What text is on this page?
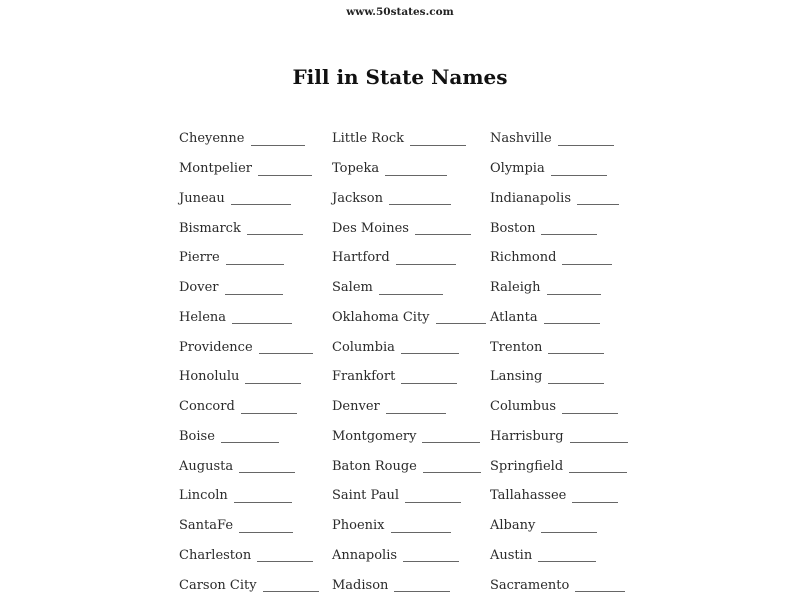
www.50states.com
Fill in State Names
Cheyenne
Montpelier
Juneau
Bismarck
Pierre
Dover
Helena
Providence
Honolulu
Concord
Boise
Augusta
Lincoln
SantaFe
Charleston
Carson City
Little Rock
Topeka
Jackson
Des Moines
Hartford
Salem
Oklahoma City
Columbia
Frankfort
Denver
Montgomery
Baton Rouge
Saint Paul
Phoenix
Annapolis
Madison
Nashville
Olympia
Indianapolis
Boston
Richmond
Raleigh
Atlanta
Trenton
Lansing
Columbus
Harrisburg
Springfield
Tallahassee
Albany
Austin
Sacramento
